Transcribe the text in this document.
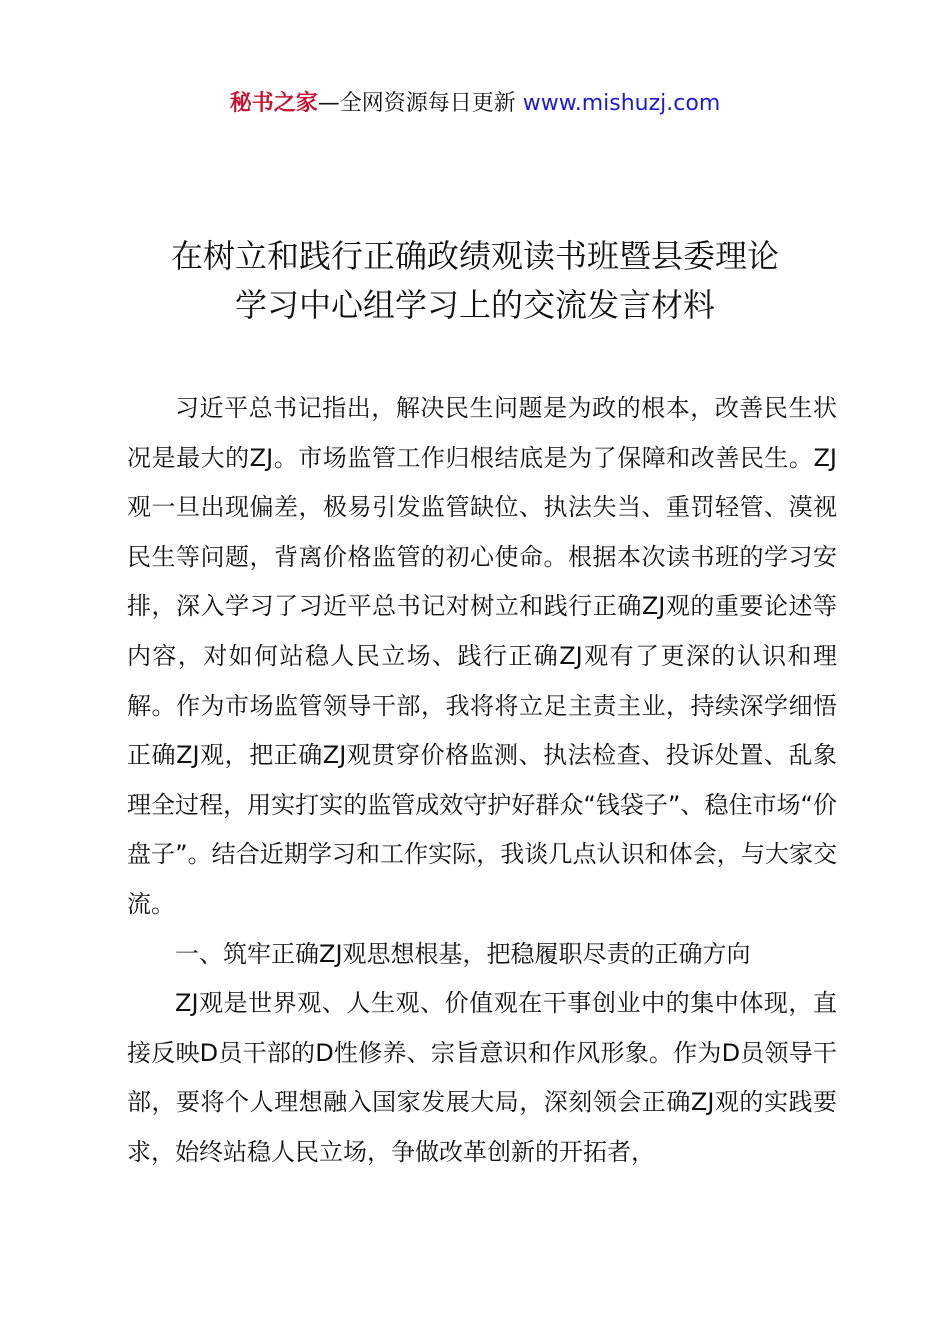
秘书之家—全网资源每日更新 www.mishuzj.com
在树立和践行正确政绩观读书班暨县委理论
学习中心组学习上的交流发言材料

习近平总书记指出，解决民生问题是为政的根本，改善民生状况是最大的ZJ。市场监管工作归根结底是为了保障和改善民生。ZJ观一旦出现偏差，极易引发监管缺位、执法失当、重罚轻管、漠视民生等问题，背离价格监管的初心使命。根据本次读书班的学习安排，深入学习了习近平总书记对树立和践行正确ZJ观的重要论述等内容，对如何站稳人民立场、践行正确ZJ观有了更深的认识和理解。作为市场监管领导干部，我将将立足主责主业，持续深学细悟正确ZJ观，把正确ZJ观贯穿价格监测、执法检查、投诉处置、乱象理全过程，用实打实的监管成效守护好群众“钱袋子”、稳住市场“价盘子”。结合近期学习和工作实际，我谈几点认识和体会，与大家交流。

一、筑牢正确ZJ观思想根基，把稳履职尽责的正确方向

ZJ观是世界观、人生观、价值观在干事创业中的集中体现，直接反映D员干部的D性修养、宗旨意识和作风形象。作为D员领导干部，要将个人理想融入国家发展大局，深刻领会正确ZJ观的实践要求，始终站稳人民立场，争做改革创新的开拓者，
